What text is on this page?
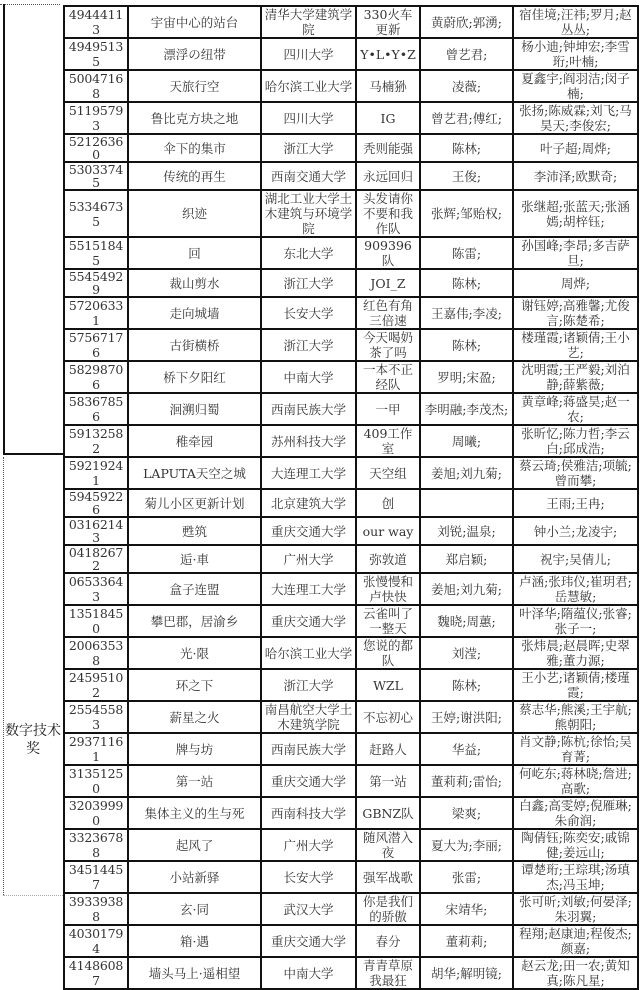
数字技术奖
49444113	宇宙中心的站台	清华大学建筑学院	330火车更新	黄蔚欣;郭湧;	宿佳境;汪祎;罗月;赵丛丛;
49495135	漂浮の纽带	四川大学	Y•L•Y•Z	曾艺君;	杨小迪;钟坤宏;李雪珩;叶楠;
50047168	天旅行空	哈尔滨工业大学	马楠狲	凌薇;	夏鑫宇;阎羽洁;闵子楠;
51195793	鲁比克方块之地	四川大学	IG	曾艺君;傅红;	张扬;陈威霖;刘飞;马昊天;李俊宏;
52126360	伞下的集市	浙江大学	秃则能强	陈林;	叶子超;周烨;
53033745	传统的再生	西南交通大学	永远回归	王俊;	李沛泽;欧默奇;
53346735	织迹	湖北工业大学土木建筑与环境学院	头发请你不要和我作队	张辉;邹贻权;	张继超;张蓝天;张涵嫣;胡梓钰;
55151845	回	东北大学	909396队	陈雷;	孙国峰;李昂;多吉萨旦;
55454929	裁山剪水	浙江大学	JOI_Z	陈林;	周烨;
57206331	走向城墙	长安大学	红色有角三倍速	王嘉伟;李凌;	谢钰婷;高雅馨;尤俊言;陈楚希;
57567176	古街横桥	浙江大学	今天喝奶茶了吗	陈林;	楼瑾霞;诸颖倩;王小艺;
58298706	桥下夕阳红	中南大学	一本不正经队	罗明;宋盈;	沈明霞;王严毅;刘泊静;薛紫薇;
58367856	洄溯归蜀	西南民族大学	一甲	李明融;李茂杰;	黄章峰;蒋盛昊;赵一农;
59132582	稚牵园	苏州科技大学	409工作室	周曦;	张昕忆;陈力哲;李云白;邱成浩;
59219241	LAPUTA天空之城	大连理工大学	天空组	姜旭;刘九菊;	蔡云琦;侯雅洁;项毓;曾而攀;
59459226	菊儿小区更新计划	北京建筑大学	创		王雨;王冉;
03162143	甦筑	重庆交通大学	our way	刘锐;温泉;	钟小兰;龙凌宇;
04182672	逅·車	广州大学	弥敦道	郑启颖;	祝宇;吴倩儿;
06533643	盒子连盟	大连理工大学	张慢慢和卢快快	姜旭;刘九菊;	卢涵;张玮仪;崔玥君;岳慧敏;
13518450	攀巴郡，居渝乡	重庆交通大学	云雀叫了一整天	魏晓;周蕙;	叶泽华;隋蕴仪;张睿;张子一;
20063538	光·限	哈尔滨工业大学	您说的都队	刘滢;	张炜晨;赵晨晖;史翠雅;董力源;
24595102	环之下	浙江大学	WZL	陈林;	王小艺;诸颖倩;楼瑾霞;
25545583	薪星之火	南昌航空大学土木建筑学院	不忘初心	王婷;谢洪阳;	蔡志华;熊溪;王宇航;熊朝阳;
29371161	牌与坊	西南民族大学	赶路人	华益;	肖文静;陈杭;徐怡;吴育菁;
31351250	第一站	重庆交通大学	第一站	董莉莉;雷怡;	何屹东;蒋林晓;詹进;高歌;
32039990	集体主义的生与死	西南科技大学	GBNZ队	梁爽;	白鑫;高雯婷;倪雁琳;朱俞润;
33236788	起风了	广州大学	随风潜入夜	夏大为;李丽;	陶倩钰;陈奕安;戚锦健;姜远山;
34514457	小站新驿	长安大学	强军战歌	张雷;	谭楚珩;王琮琪;汤瑱杰;冯玉坤;
39339388	玄·同	武汉大学	你是我们的骄傲	宋靖华;	张可昕;刘敏;何晏泽;朱羽翼;
40301794	箱·遇	重庆交通大学	春分	董莉莉;	程翔;赵康迪;程俊杰;颜嘉;
41486087	墙头马上·遥相望	中南大学	青青草原我最狂	胡华;解明镜;	赵云龙;田一农;黄知真;陈凡星;
